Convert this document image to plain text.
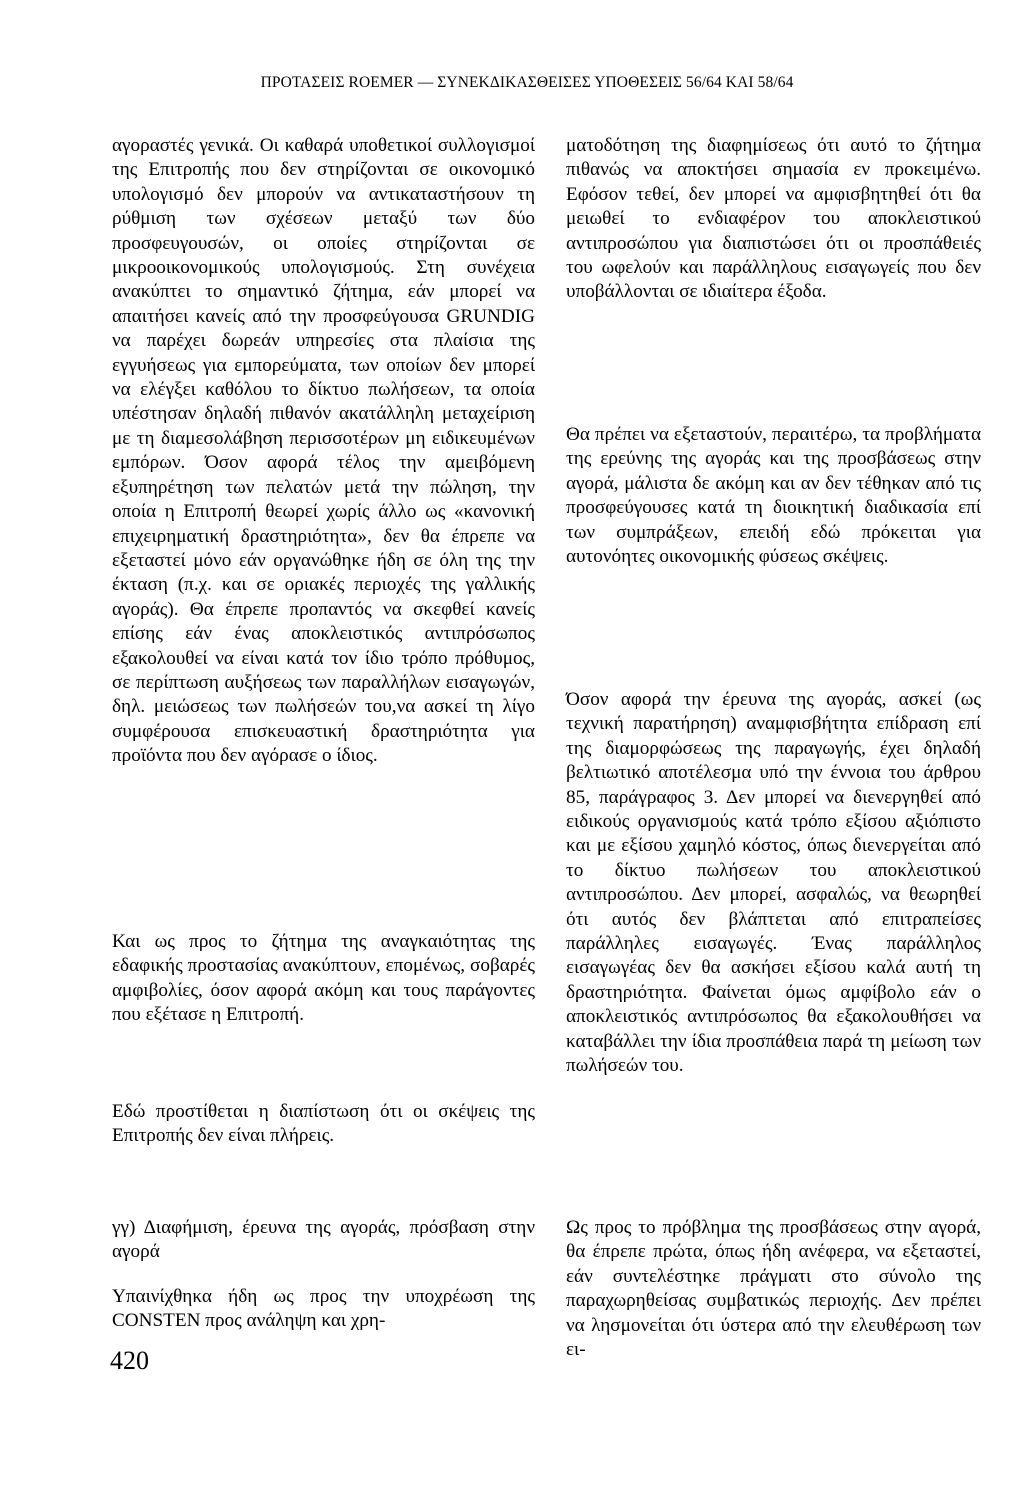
ΠΡΟΤΑΣΕΙΣ ROEMER — ΣΥΝΕΚΔΙΚΑΣΘΕΙΣΕΣ ΥΠΟΘΕΣΕΙΣ 56/64 ΚΑΙ 58/64

αγοραστές γενικά. Οι καθαρά υποθετικοί συλλογισμοί της Επιτροπής που δεν στηρίζονται σε οικονομικό υπολογισμό δεν μπορούν να αντικαταστήσουν τη ρύθμιση των σχέσεων μεταξύ των δύο προσφευγουσών, οι οποίες στηρίζονται σε μικροοικονομικούς υπολογισμούς. Στη συνέχεια ανακύπτει το σημαντικό ζήτημα, εάν μπορεί να απαιτήσει κανείς από την προσφεύγουσα GRUNDIG να παρέχει δωρεάν υπηρεσίες στα πλαίσια της εγγυήσεως για εμπορεύματα, των οποίων δεν μπορεί να ελέγξει καθόλου το δίκτυο πωλήσεων, τα οποία υπέστησαν δηλαδή πιθανόν ακατάλληλη μεταχείριση με τη διαμεσολάβηση περισσοτέρων μη ειδικευμένων εμπόρων. Όσον αφορά τέλος την αμειβόμενη εξυπηρέτηση των πελατών μετά την πώληση, την οποία η Επιτροπή θεωρεί χωρίς άλλο ως «κανονική επιχειρηματική δραστηριότητα», δεν θα έπρεπε να εξεταστεί μόνο εάν οργανώθηκε ήδη σε όλη της την έκταση (π.χ. και σε οριακές περιοχές της γαλλικής αγοράς). Θα έπρεπε προπαντός να σκεφθεί κανείς επίσης εάν ένας αποκλειστικός αντιπρόσωπος εξακολουθεί να είναι κατά τον ίδιο τρόπο πρόθυμος, σε περίπτωση αυξήσεως των παραλλήλων εισαγωγών, δηλ. μειώσεως των πωλήσεών του,να ασκεί τη λίγο συμφέρουσα επισκευαστική δραστηριότητα για προϊόντα που δεν αγόρασε ο ίδιος.

Και ως προς το ζήτημα της αναγκαιότητας της εδαφικής προστασίας ανακύπτουν, επομένως, σοβαρές αμφιβολίες, όσον αφορά ακόμη και τους παράγοντες που εξέτασε η Επιτροπή.

Εδώ προστίθεται η διαπίστωση ότι οι σκέψεις της Επιτροπής δεν είναι πλήρεις.

γγ) Διαφήμιση, έρευνα της αγοράς, πρόσβαση στην αγορά

Υπαινίχθηκα ήδη ως προς την υποχρέωση της CONSTEN προς ανάληψη και χρη-

ματοδότηση της διαφημίσεως ότι αυτό το ζήτημα πιθανώς να αποκτήσει σημασία εν προκειμένω. Εφόσον τεθεί, δεν μπορεί να αμφισβητηθεί ότι θα μειωθεί το ενδιαφέρον του αποκλειστικού αντιπροσώπου για διαπιστώσει ότι οι προσπάθειές του ωφελούν και παράλληλους εισαγωγείς που δεν υποβάλλονται σε ιδιαίτερα έξοδα.

Θα πρέπει να εξεταστούν, περαιτέρω, τα προβλήματα της ερεύνης της αγοράς και της προσβάσεως στην αγορά, μάλιστα δε ακόμη και αν δεν τέθηκαν από τις προσφεύγουσες κατά τη διοικητική διαδικασία επί των συμπράξεων, επειδή εδώ πρόκειται για αυτονόητες οικονομικής φύσεως σκέψεις.

Όσον αφορά την έρευνα της αγοράς, ασκεί (ως τεχνική παρατήρηση) αναμφισβήτητα επίδραση επί της διαμορφώσεως της παραγωγής, έχει δηλαδή βελτιωτικό αποτέλεσμα υπό την έννοια του άρθρου 85, παράγραφος 3. Δεν μπορεί να διενεργηθεί από ειδικούς οργανισμούς κατά τρόπο εξίσου αξιόπιστο και με εξίσου χαμηλό κόστος, όπως διενεργείται από το δίκτυο πωλήσεων του αποκλειστικού αντιπροσώπου. Δεν μπορεί, ασφαλώς, να θεωρηθεί ότι αυτός δεν βλάπτεται από επιτραπείσες παράλληλες εισαγωγές. Ένας παράλληλος εισαγωγέας δεν θα ασκήσει εξίσου καλά αυτή τη δραστηριότητα. Φαίνεται όμως αμφίβολο εάν ο αποκλειστικός αντιπρόσωπος θα εξακολουθήσει να καταβάλλει την ίδια προσπάθεια παρά τη μείωση των πωλήσεών του.

Ως προς το πρόβλημα της προσβάσεως στην αγορά, θα έπρεπε πρώτα, όπως ήδη ανέφερα, να εξεταστεί, εάν συντελέστηκε πράγματι στο σύνολο της παραχωρηθείσας συμβατικώς περιοχής. Δεν πρέπει να λησμονείται ότι ύστερα από την ελευθέρωση των ει-

420
